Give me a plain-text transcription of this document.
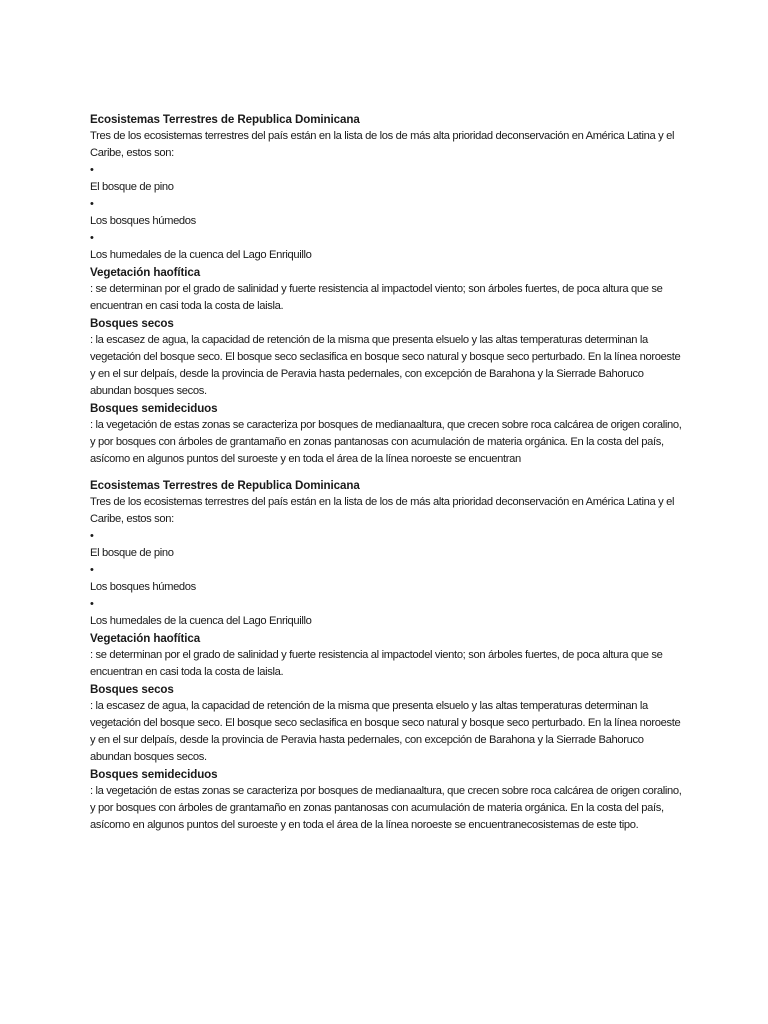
Ecosistemas Terrestres de Republica Dominicana

Tres de los ecosistemas terrestres del país están en la lista de los de más alta prioridad deconservación en América Latina y el Caribe, estos son:

•

El bosque de pino

•

Los bosques húmedos

•

Los humedales de la cuenca del Lago Enriquillo

Vegetación haofítica

: se determinan por el grado de salinidad y fuerte resistencia al impactodel viento; son árboles fuertes, de poca altura que se encuentran en casi toda la costa de laisla.

Bosques secos

: la escasez de agua, la capacidad de retención de la misma que presenta elsuelo y las altas temperaturas determinan la vegetación del bosque seco. El bosque seco seclasifica en bosque seco natural y bosque seco perturbado. En la línea noroeste y en el sur delpaís, desde la provincia de Peravia hasta pedernales, con excepción de Barahona y la Sierrade Bahoruco abundan bosques secos.

Bosques semideciduos

: la vegetación de estas zonas se caracteriza por bosques de medianaaltura, que crecen sobre roca calcárea de origen coralino, y por bosques con árboles de grantamaño en zonas pantanosas con acumulación de materia orgánica. En la costa del país, asícomo en algunos puntos del suroeste y en toda el área de la línea noroeste se encuentran

Ecosistemas Terrestres de Republica Dominicana

Tres de los ecosistemas terrestres del país están en la lista de los de más alta prioridad deconservación en América Latina y el Caribe, estos son:

•

El bosque de pino

•

Los bosques húmedos

•

Los humedales de la cuenca del Lago Enriquillo

Vegetación haofítica

: se determinan por el grado de salinidad y fuerte resistencia al impactodel viento; son árboles fuertes, de poca altura que se encuentran en casi toda la costa de laisla.

Bosques secos

: la escasez de agua, la capacidad de retención de la misma que presenta elsuelo y las altas temperaturas determinan la vegetación del bosque seco. El bosque seco seclasifica en bosque seco natural y bosque seco perturbado. En la línea noroeste y en el sur delpaís, desde la provincia de Peravia hasta pedernales, con excepción de Barahona y la Sierrade Bahoruco abundan bosques secos.

Bosques semideciduos

: la vegetación de estas zonas se caracteriza por bosques de medianaaltura, que crecen sobre roca calcárea de origen coralino, y por bosques con árboles de grantamaño en zonas pantanosas con acumulación de materia orgánica. En la costa del país, asícomo en algunos puntos del suroeste y en toda el área de la línea noroeste se encuentranecosistemas de este tipo.
